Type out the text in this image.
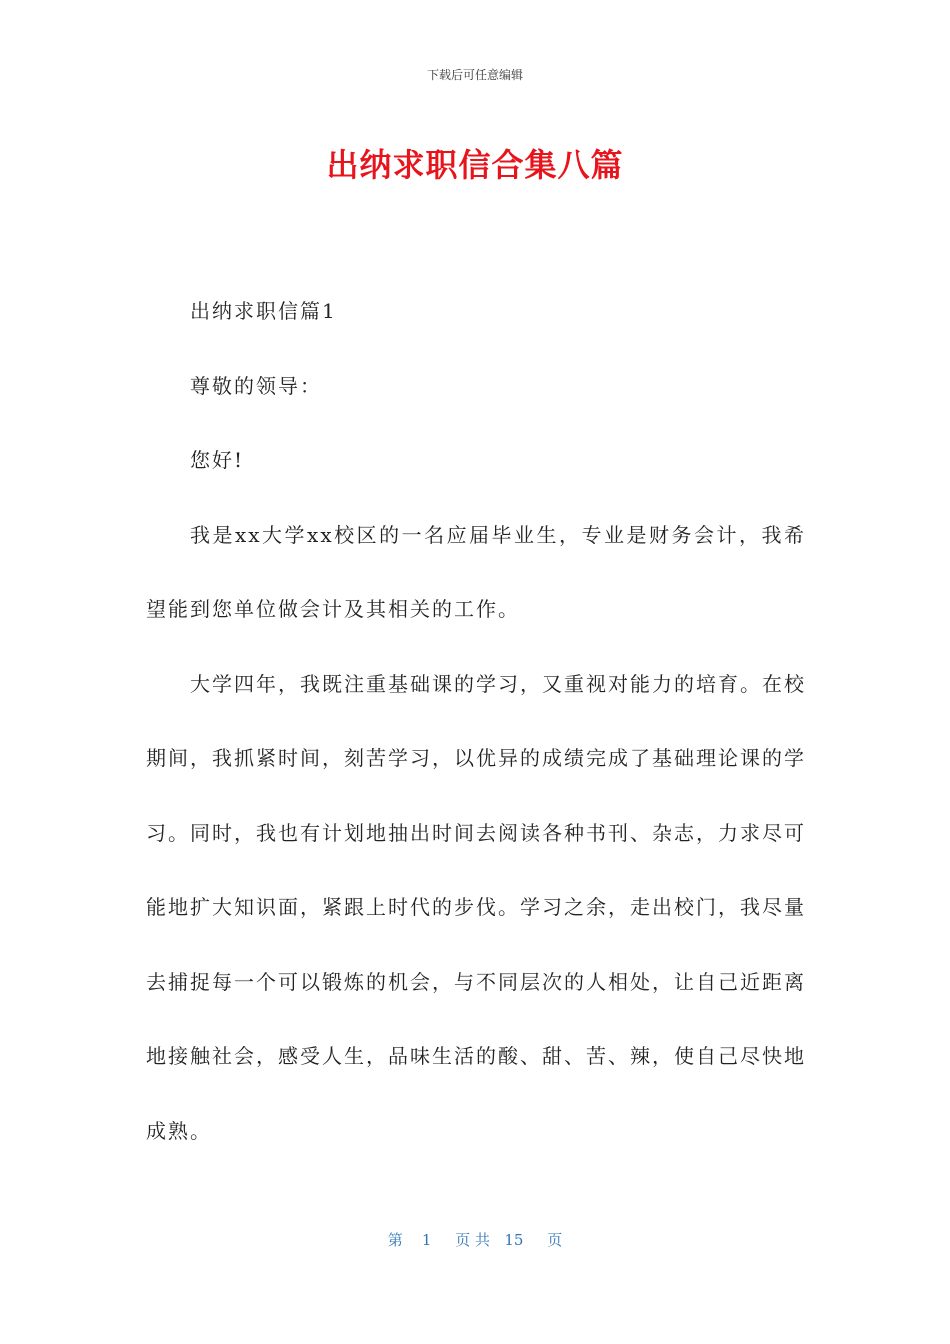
下载后可任意编辑
出纳求职信合集八篇

出纳求职信篇1

尊敬的领导：

您好!

我是xx大学xx校区的一名应届毕业生，专业是财务会计，我希望能到您单位做会计及其相关的工作。

大学四年，我既注重基础课的学习，又重视对能力的培育。在校期间，我抓紧时间，刻苦学习，以优异的成绩完成了基础理论课的学习。同时，我也有计划地抽出时间去阅读各种书刊、杂志，力求尽可能地扩大知识面，紧跟上时代的步伐。学习之余，走出校门，我尽量去捕捉每一个可以锻炼的机会，与不同层次的人相处，让自己近距离地接触社会，感受人生，品味生活的酸、甜、苦、辣，使自己尽快地成熟。

第 1 页 共 15 页
